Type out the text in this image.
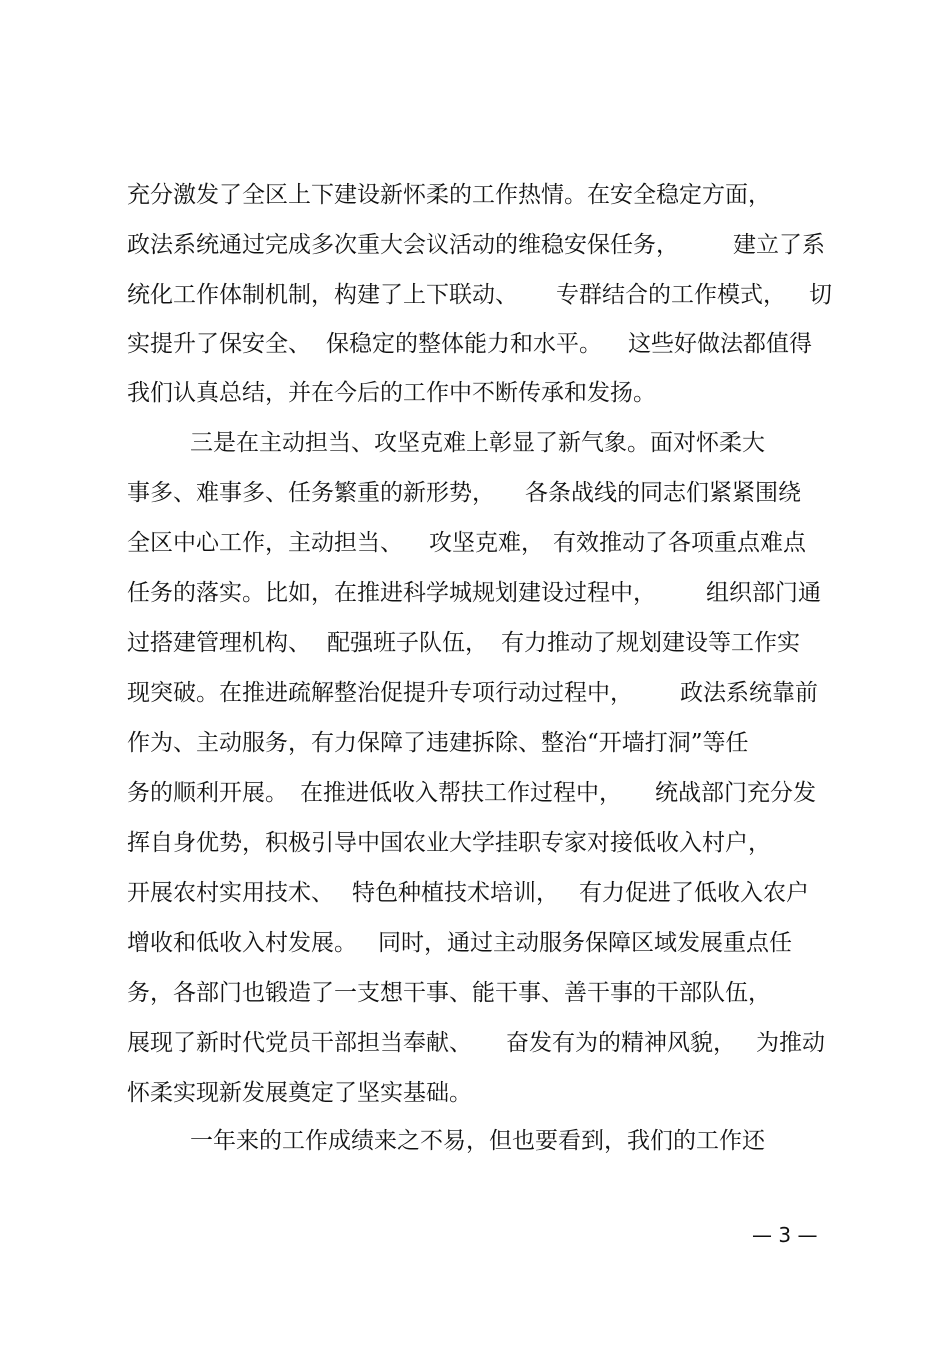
充分激发了全区上下建设新怀柔的工作热情。在安全稳定方面，
政法系统通过完成多次重大会议活动的维稳安保任务， 建立了系
统化工作体制机制，构建了上下联动、 专群结合的工作模式， 切
实提升了保安全、 保稳定的整体能力和水平。 这些好做法都值得
我们认真总结，并在今后的工作中不断传承和发扬。
三是在主动担当、攻坚克难上彰显了新气象。面对怀柔大
事多、难事多、任务繁重的新形势， 各条战线的同志们紧紧围绕
全区中心工作，主动担当、 攻坚克难， 有效推动了各项重点难点
任务的落实。比如，在推进科学城规划建设过程中， 组织部门通
过搭建管理机构、 配强班子队伍， 有力推动了规划建设等工作实
现突破。在推进疏解整治促提升专项行动过程中， 政法系统靠前
作为、主动服务，有力保障了违建拆除、整治“开墙打洞”等任
务的顺利开展。 在推进低收入帮扶工作过程中， 统战部门充分发
挥自身优势，积极引导中国农业大学挂职专家对接低收入村户，
开展农村实用技术、 特色种植技术培训， 有力促进了低收入农户
增收和低收入村发展。 同时，通过主动服务保障区域发展重点任
务，各部门也锻造了一支想干事、能干事、善干事的干部队伍，
展现了新时代党员干部担当奉献、 奋发有为的精神风貌， 为推动
怀柔实现新发展奠定了坚实基础。
一年来的工作成绩来之不易，但也要看到，我们的工作还
— 3 —
